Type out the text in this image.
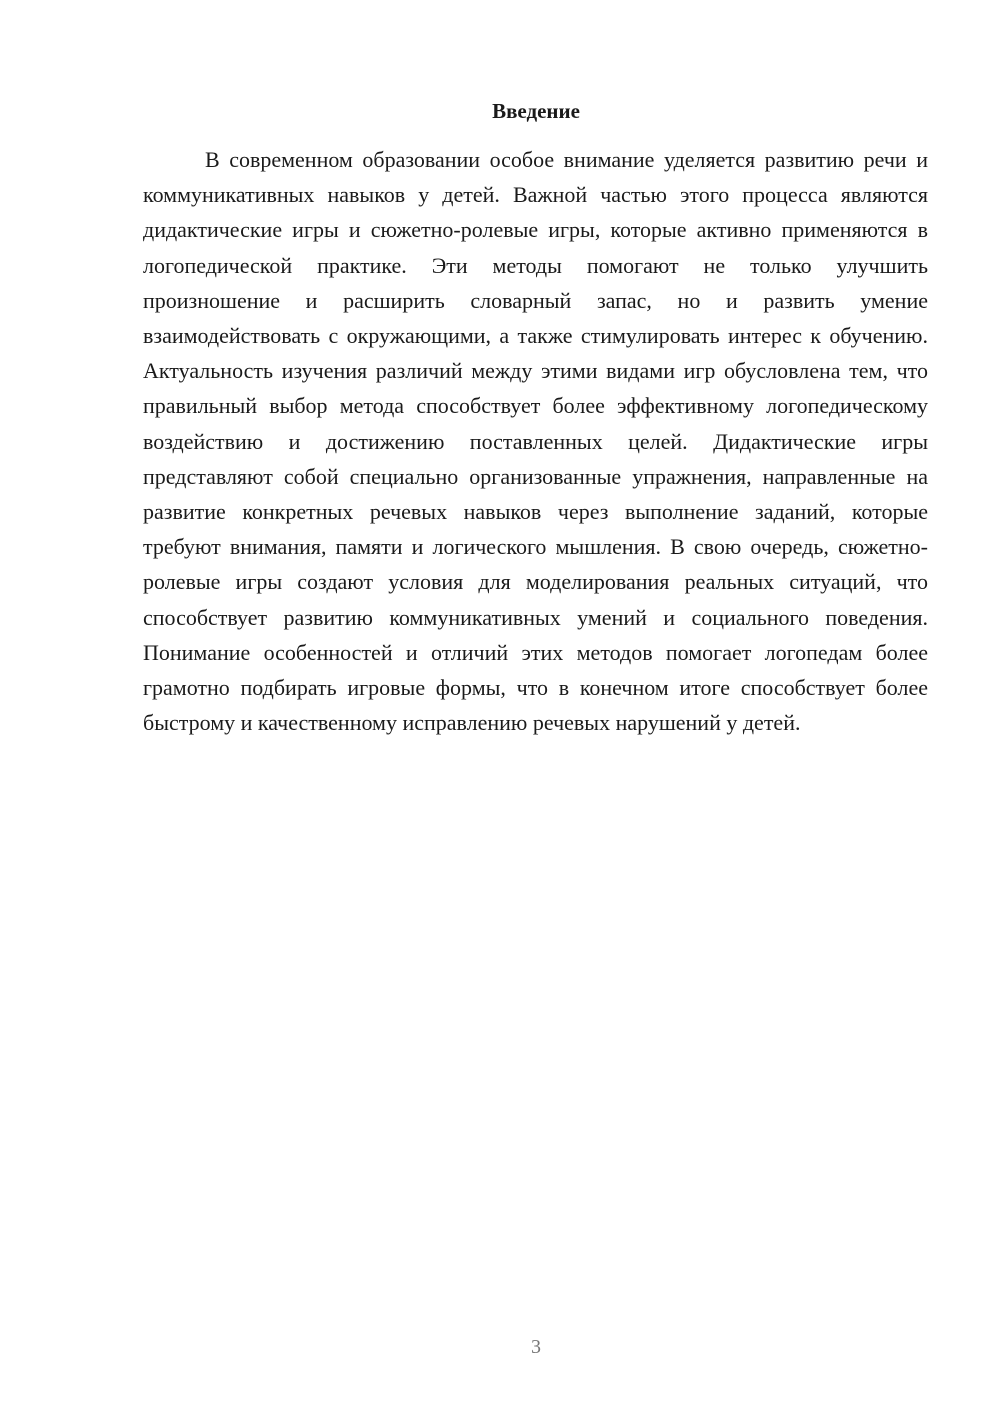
Введение

В современном образовании особое внимание уделяется развитию речи и коммуникативных навыков у детей. Важной частью этого процесса являются дидактические игры и сюжетно-ролевые игры, которые активно применяются в логопедической практике. Эти методы помогают не только улучшить произношение и расширить словарный запас, но и развить умение взаимодействовать с окружающими, а также стимулировать интерес к обучению. Актуальность изучения различий между этими видами игр обусловлена тем, что правильный выбор метода способствует более эффективному логопедическому воздействию и достижению поставленных целей. Дидактические игры представляют собой специально организованные упражнения, направленные на развитие конкретных речевых навыков через выполнение заданий, которые требуют внимания, памяти и логического мышления. В свою очередь, сюжетно-ролевые игры создают условия для моделирования реальных ситуаций, что способствует развитию коммуникативных умений и социального поведения. Понимание особенностей и отличий этих методов помогает логопедам более грамотно подбирать игровые формы, что в конечном итоге способствует более быстрому и качественному исправлению речевых нарушений у детей.

3
